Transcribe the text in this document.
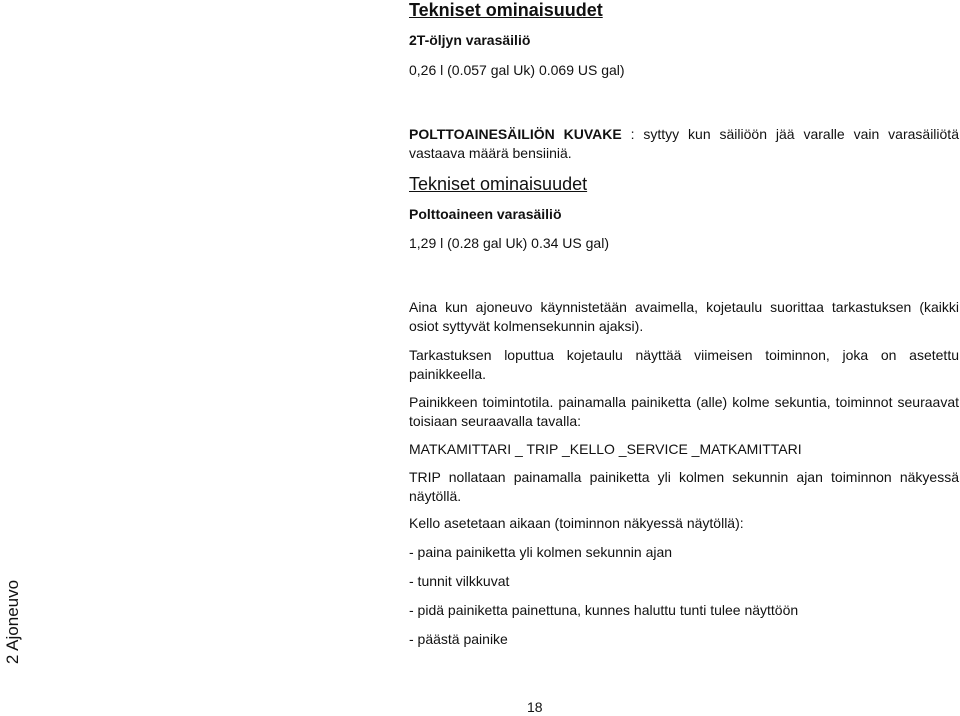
Tekniset ominaisuudet
2T-öljyn varasäiliö
0,26 l (0.057 gal Uk) 0.069 US gal)
POLTTOAINESÄILIÖN KUVAKE : syttyy kun säiliöön jää varalle vain varasäiliötä vastaava määrä bensiiniä.
Tekniset ominaisuudet
Polttoaineen varasäiliö
1,29 l (0.28 gal Uk) 0.34 US gal)
Aina kun ajoneuvo käynnistetään avaimella, kojetaulu suorittaa tarkastuksen (kaikki osiot syttyvät kolmensekunnin ajaksi).
Tarkastuksen loputtua kojetaulu näyttää viimeisen toiminnon, joka on asetettu painikkeella.
Painikkeen toimintotila. painamalla painiketta (alle) kolme sekuntia, toiminnot seuraavat toisiaan seuraavalla tavalla:
MATKAMITTARI _ TRIP _KELLO _SERVICE _MATKAMITTARI
TRIP nollataan painamalla painiketta yli kolmen sekunnin ajan toiminnon näkyessä näytöllä.
Kello asetetaan aikaan (toiminnon näkyessä näytöllä):
- paina painiketta yli kolmen sekunnin ajan
- tunnit vilkkuvat
- pidä painiketta painettuna, kunnes haluttu tunti tulee näyttöön
- päästä painike
2 Ajoneuvo
18
